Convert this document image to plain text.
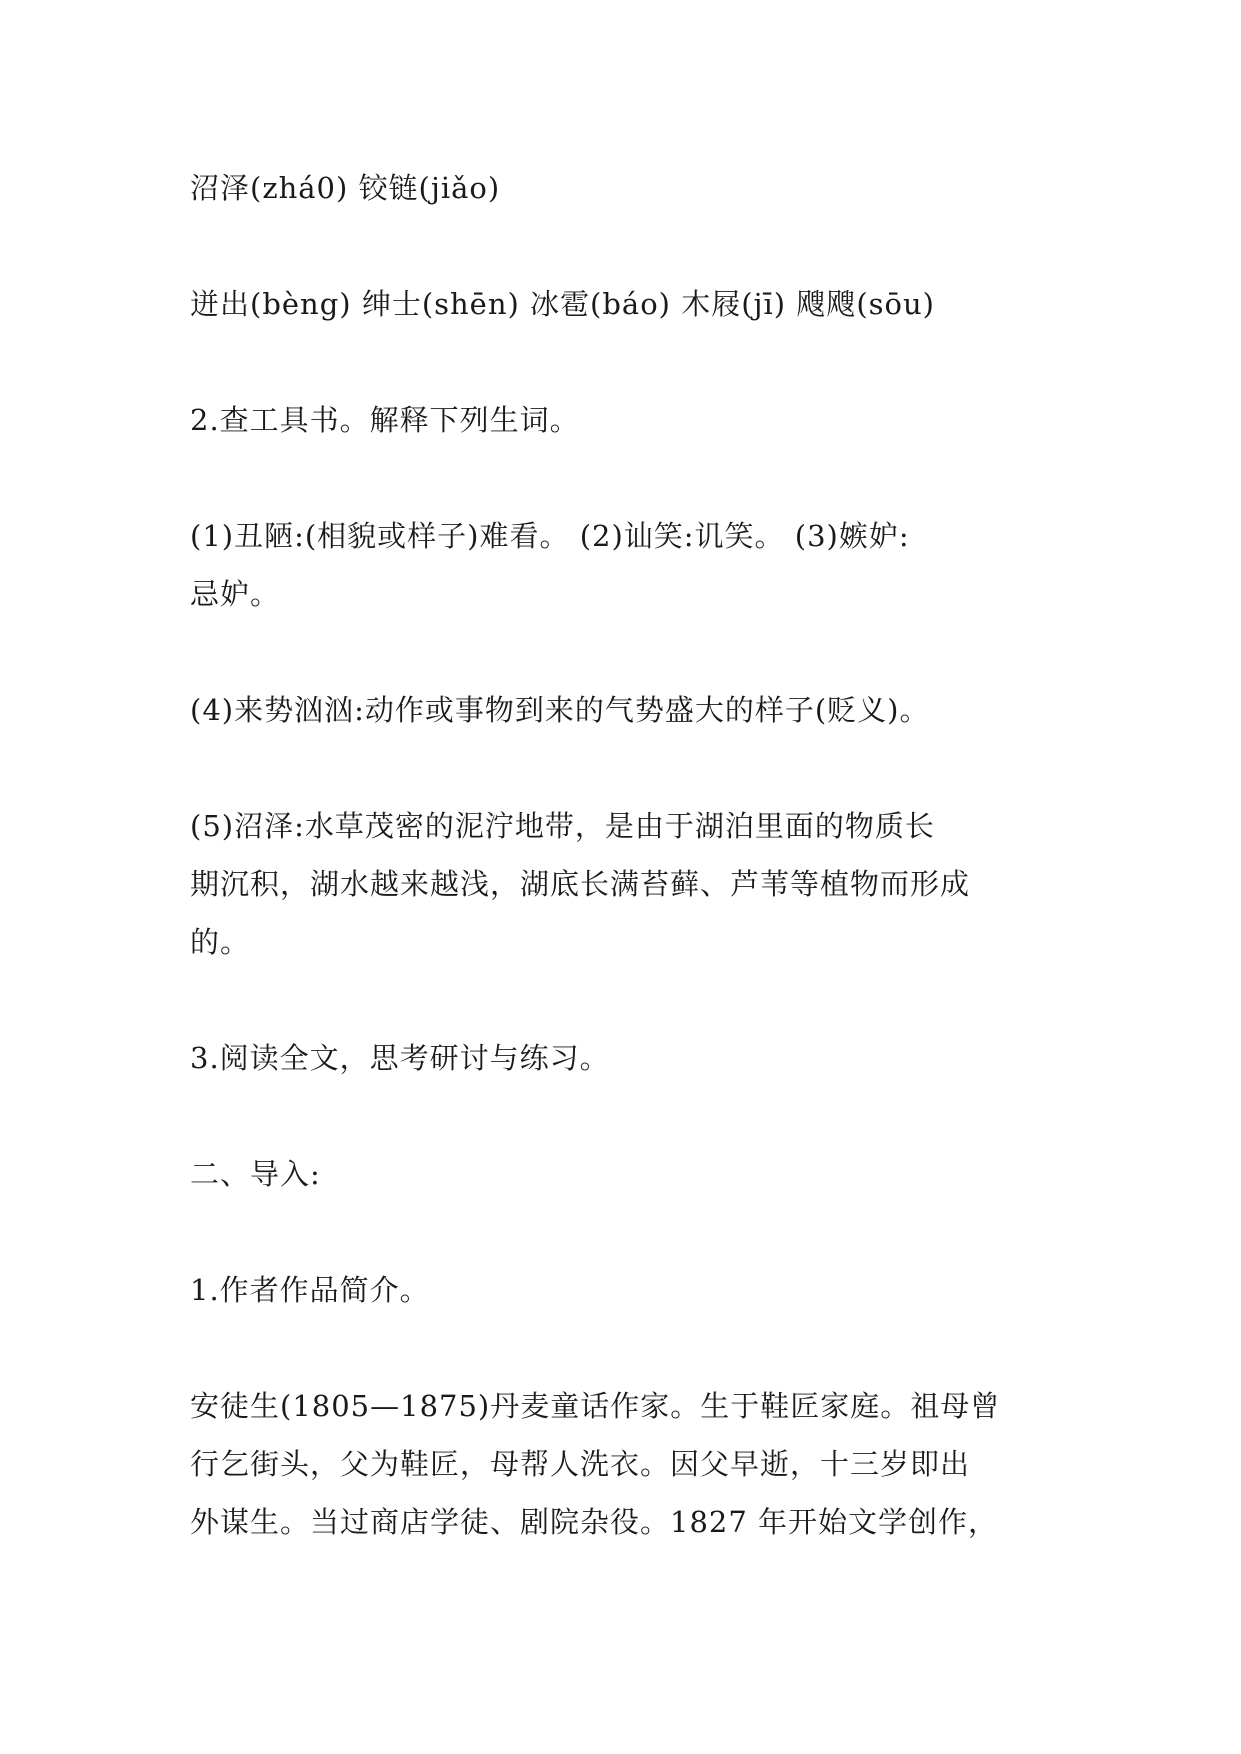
沼泽(zhá0) 铰链(jiǎo)
迸出(bèng) 绅士(shēn) 冰雹(báo) 木屐(jī) 飕飕(sōu)
2.查工具书。解释下列生词。
(1)丑陋:(相貌或样子)难看。 (2)讪笑:讥笑。 (3)嫉妒:
忌妒。
(4)来势汹汹:动作或事物到来的气势盛大的样子(贬义)。
(5)沼泽:水草茂密的泥泞地带，是由于湖泊里面的物质长
期沉积，湖水越来越浅，湖底长满苔藓、芦苇等植物而形成
的。
3.阅读全文，思考研讨与练习。
二、导入:
1.作者作品简介。
安徒生(1805—1875)丹麦童话作家。生于鞋匠家庭。祖母曾
行乞街头，父为鞋匠，母帮人洗衣。因父早逝，十三岁即出
外谋生。当过商店学徒、剧院杂役。1827 年开始文学创作，
